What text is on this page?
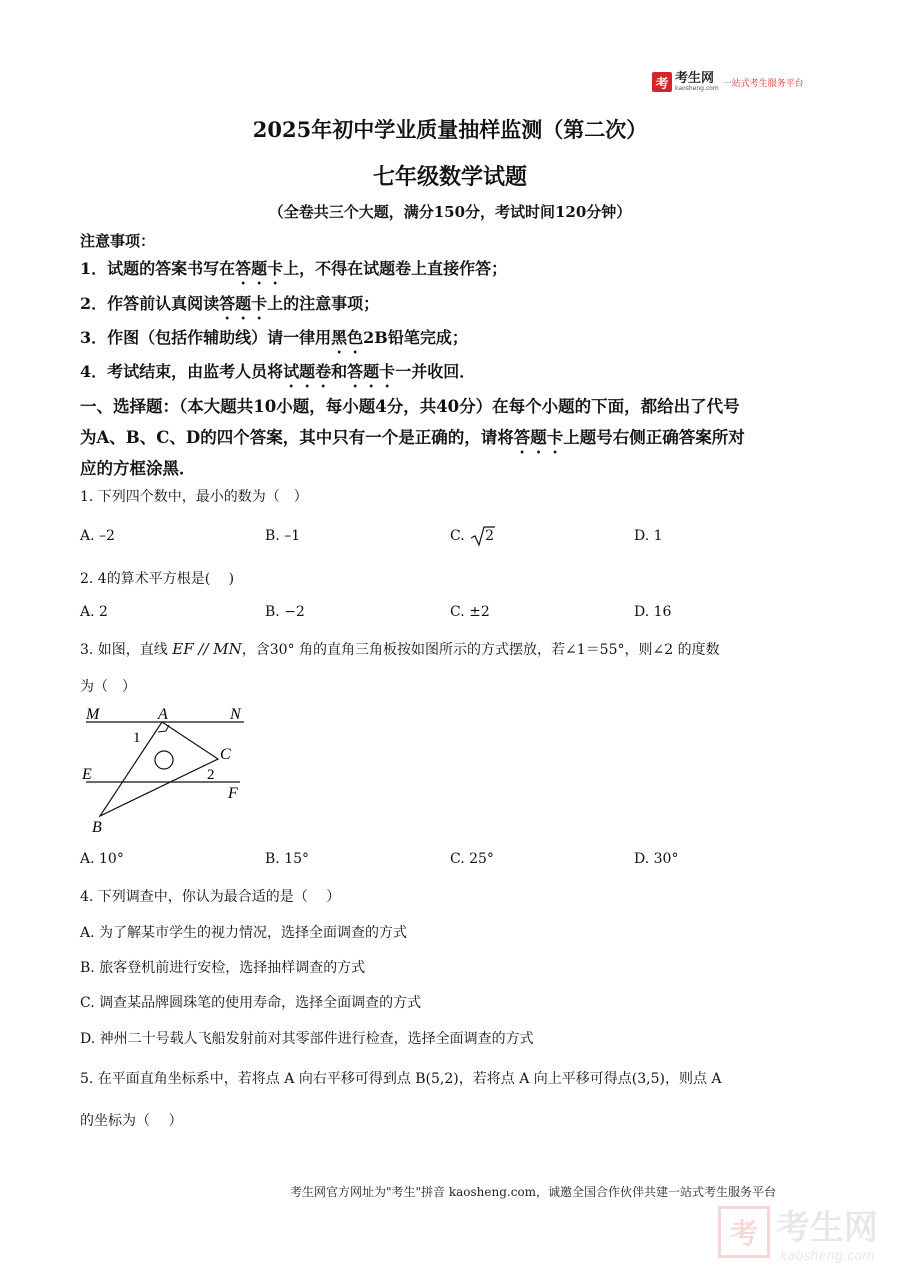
考 考生网
kaosheng.com 一站式考生服务平台
2025年初中学业质量抽样监测（第二次）
七年级数学试题
（全卷共三个大题，满分150分，考试时间120分钟）
注意事项：
1．试题的答案书写在答题卡上，不得在试题卷上直接作答；
2．作答前认真阅读答题卡上的注意事项；
3．作图（包括作辅助线）请一律用黑色2B铅笔完成；
4．考试结束，由监考人员将试题卷和答题卡一并收回．
一、选择题：（本大题共10小题，每小题4分，共40分）在每个小题的下面，都给出了代号
为A、B、C、D的四个答案，其中只有一个是正确的，请将答题卡上题号右侧正确答案所对
应的方框涂黑．
1. 下列四个数中，最小的数为（　）
A. –2	B. –1	C. 2	D. 1
2. 4的算术平方根是(　 )
A. 2	B. −2	C. ±2	D. 16
3. 如图，直线 EF // MN，含30° 角的直角三角板按如图所示的方式摆放，若∠1＝55°，则∠2 的度数
为（　）
M	A	N
1
C
E	2
F
B
A. 10°	B. 15°	C. 25°	D. 30°
4. 下列调查中，你认为最合适的是（　 ）
A. 为了解某市学生的视力情况，选择全面调查的方式
B. 旅客登机前进行安检，选择抽样调查的方式
C. 调查某品牌圆珠笔的使用寿命，选择全面调查的方式
D. 神州二十号载人飞船发射前对其零部件进行检查，选择全面调查的方式
5. 在平面直角坐标系中，若将点 A 向右平移可得到点 B(5,2)，若将点 A 向上平移可得点(3,5)，则点 A
的坐标为（　 ）
考生网官方网址为"考生"拼音 kaosheng.com，诚邀全国合作伙伴共建一站式考生服务平台
考 考生网
kaosheng.com
